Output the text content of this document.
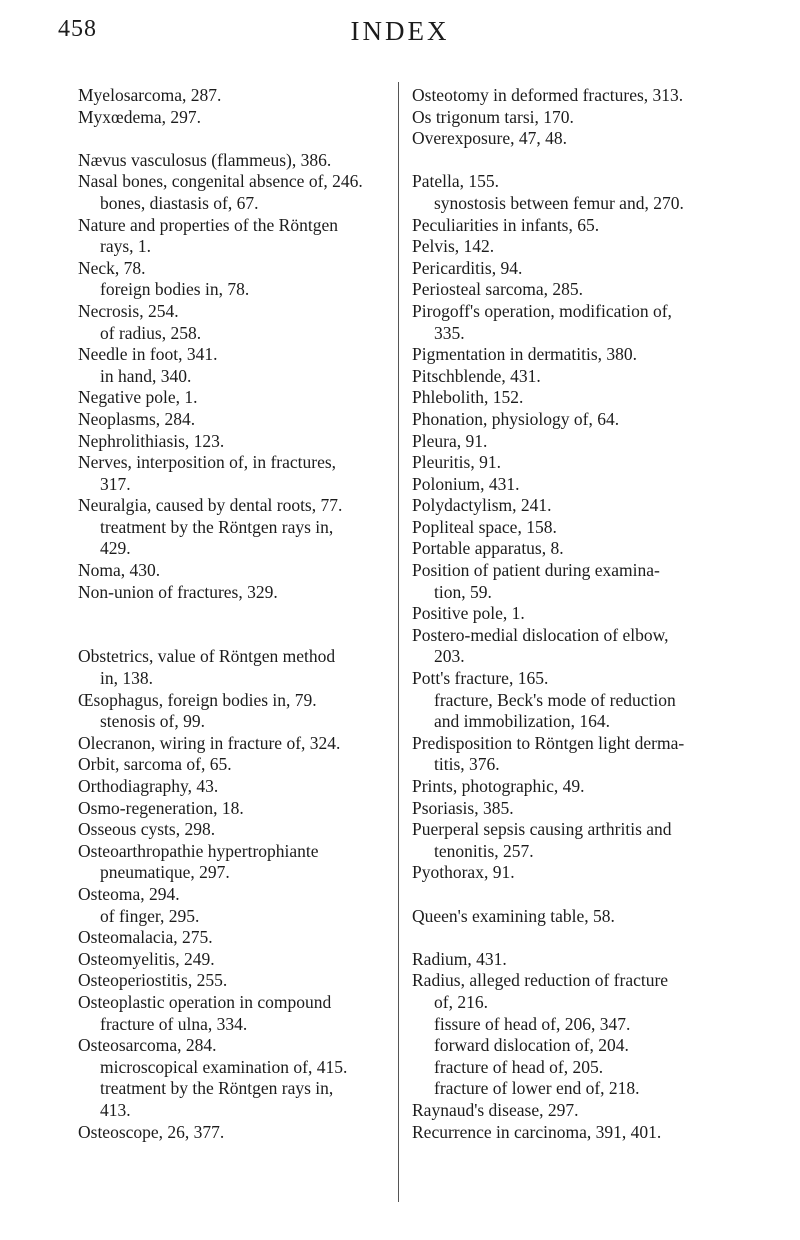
458	INDEX
Myelosarcoma, 287.
Myxœdema, 297.
Nævus vasculosus (flammeus), 386.
Nasal bones, congenital absence of, 246.
bones, diastasis of, 67.
Nature and properties of the Röntgen
rays, 1.
Neck, 78.
foreign bodies in, 78.
Necrosis, 254.
of radius, 258.
Needle in foot, 341.
in hand, 340.
Negative pole, 1.
Neoplasms, 284.
Nephrolithiasis, 123.
Nerves, interposition of, in fractures,
317.
Neuralgia, caused by dental roots, 77.
treatment by the Röntgen rays in,
429.
Noma, 430.
Non-union of fractures, 329.
Obstetrics, value of Röntgen method
in, 138.
Œsophagus, foreign bodies in, 79.
stenosis of, 99.
Olecranon, wiring in fracture of, 324.
Orbit, sarcoma of, 65.
Orthodiagraphy, 43.
Osmo-regeneration, 18.
Osseous cysts, 298.
Osteoarthropathie hypertrophiante
pneumatique, 297.
Osteoma, 294.
of finger, 295.
Osteomalacia, 275.
Osteomyelitis, 249.
Osteoperiostitis, 255.
Osteoplastic operation in compound
fracture of ulna, 334.
Osteosarcoma, 284.
microscopical examination of, 415.
treatment by the Röntgen rays in,
413.
Osteoscope, 26, 377.
Osteotomy in deformed fractures, 313.
Os trigonum tarsi, 170.
Overexposure, 47, 48.
Patella, 155.
synostosis between femur and, 270.
Peculiarities in infants, 65.
Pelvis, 142.
Pericarditis, 94.
Periosteal sarcoma, 285.
Pirogoff's operation, modification of,
335.
Pigmentation in dermatitis, 380.
Pitschblende, 431.
Phlebolith, 152.
Phonation, physiology of, 64.
Pleura, 91.
Pleuritis, 91.
Polonium, 431.
Polydactylism, 241.
Popliteal space, 158.
Portable apparatus, 8.
Position of patient during examina-
tion, 59.
Positive pole, 1.
Postero-medial dislocation of elbow,
203.
Pott's fracture, 165.
fracture, Beck's mode of reduction
and immobilization, 164.
Predisposition to Röntgen light derma-
titis, 376.
Prints, photographic, 49.
Psoriasis, 385.
Puerperal sepsis causing arthritis and
tenonitis, 257.
Pyothorax, 91.
Queen's examining table, 58.
Radium, 431.
Radius, alleged reduction of fracture
of, 216.
fissure of head of, 206, 347.
forward dislocation of, 204.
fracture of head of, 205.
fracture of lower end of, 218.
Raynaud's disease, 297.
Recurrence in carcinoma, 391, 401.
